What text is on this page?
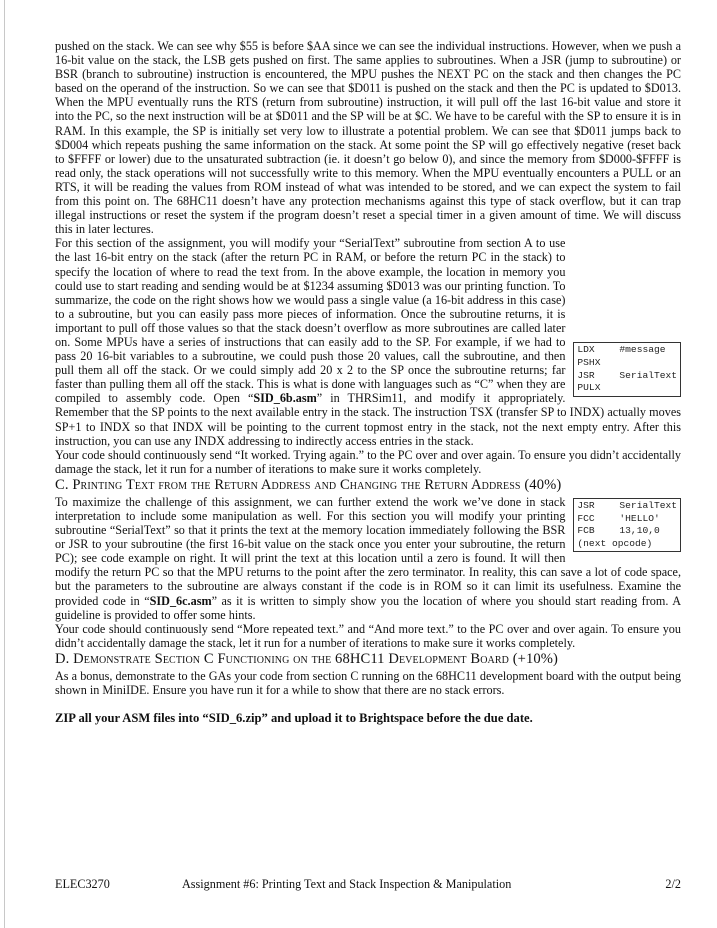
pushed on the stack. We can see why $55 is before $AA since we can see the individual instructions. However, when we push a 16-bit value on the stack, the LSB gets pushed on first. The same applies to subroutines. When a JSR (jump to subroutine) or BSR (branch to subroutine) instruction is encountered, the MPU pushes the NEXT PC on the stack and then changes the PC based on the operand of the instruction. So we can see that $D011 is pushed on the stack and then the PC is updated to $D013. When the MPU eventually runs the RTS (return from subroutine) instruction, it will pull off the last 16-bit value and store it into the PC, so the next instruction will be at $D011 and the SP will be at $C. We have to be careful with the SP to ensure it is in RAM. In this example, the SP is initially set very low to illustrate a potential problem. We can see that $D011 jumps back to $D004 which repeats pushing the same information on the stack. At some point the SP will go effectively negative (reset back to $FFFF or lower) due to the unsaturated subtraction (ie. it doesn’t go below 0), and since the memory from $D000-$FFFF is read only, the stack operations will not successfully write to this memory. When the MPU eventually encounters a PULL or an RTS, it will be reading the values from ROM instead of what was intended to be stored, and we can expect the system to fail from this point on. The 68HC11 doesn’t have any protection mechanisms against this type of stack overflow, but it can trap illegal instructions or reset the system if the program doesn’t reset a special timer in a given amount of time. We will discuss this in later lectures.

LDX	#message
PSHX
JSR	SerialText
PULX
For this section of the assignment, you will modify your “SerialText” subroutine from section A to use the last 16-bit entry on the stack (after the return PC in RAM, or before the return PC in the stack) to specify the location of where to read the text from. In the above example, the location in memory you could use to start reading and sending would be at $1234 assuming $D013 was our printing function. To summarize, the code on the right shows how we would pass a single value (a 16-bit address in this case) to a subroutine, but you can easily pass more pieces of information. Once the subroutine returns, it is important to pull off those values so that the stack doesn’t overflow as more subroutines are called later on. Some MPUs have a series of instructions that can easily add to the SP. For example, if we had to pass 20 16-bit variables to a subroutine, we could push those 20 values, call the subroutine, and then pull them all off the stack. Or we could simply add 20 x 2 to the SP once the subroutine returns; far faster than pulling them all off the stack. This is what is done with languages such as “C” when they are compiled to assembly code. Open “SID_6b.asm” in THRSim11, and modify it appropriately. Remember that the SP points to the next available entry in the stack. The instruction TSX (transfer SP to INDX) actually moves SP+1 to INDX so that INDX will be pointing to the current topmost entry in the stack, not the next empty entry. After this instruction, you can use any INDX addressing to indirectly access entries in the stack.

Your code should continuously send “It worked. Trying again.” to the PC over and over again. To ensure you didn’t accidentally damage the stack, let it run for a number of iterations to make sure it works completely.

C. Printing Text from the Return Address and Changing the Return Address (40%)

JSR	SerialText
FCC	'HELLO'
FCB	13,10,0
(next opcode)
To maximize the challenge of this assignment, we can further extend the work we’ve done in stack interpretation to include some manipulation as well. For this section you will modify your printing subroutine “SerialText” so that it prints the text at the memory location immediately following the BSR or JSR to your subroutine (the first 16-bit value on the stack once you enter your subroutine, the return PC); see code example on right. It will print the text at this location until a zero is found. It will then modify the return PC so that the MPU returns to the point after the zero terminator. In reality, this can save a lot of code space, but the parameters to the subroutine are always constant if the code is in ROM so it can limit its usefulness. Examine the provided code in “SID_6c.asm” as it is written to simply show you the location of where you should start reading from. A guideline is provided to offer some hints.

Your code should continuously send “More repeated text.” and “And more text.” to the PC over and over again. To ensure you didn’t accidentally damage the stack, let it run for a number of iterations to make sure it works completely.

D. Demonstrate Section C Functioning on the 68HC11 Development Board (+10%)

As a bonus, demonstrate to the GAs your code from section C running on the 68HC11 development board with the output being shown in MiniIDE. Ensure you have run it for a while to show that there are no stack errors.

ZIP all your ASM files into “SID_6.zip” and upload it to Brightspace before the due date.

ELEC3270	Assignment #6: Printing Text and Stack Inspection & Manipulation	2/2
